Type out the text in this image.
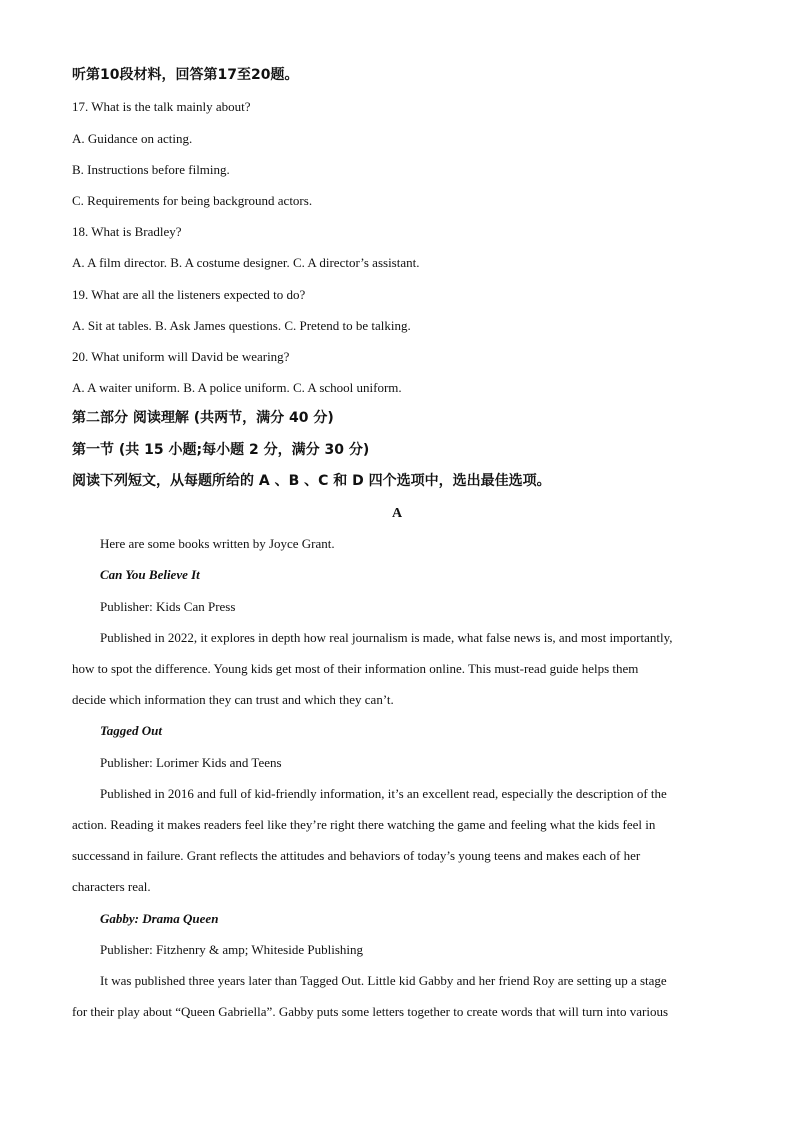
听第10段材料，回答第17至20题。
17. What is the talk mainly about?
A. Guidance on acting.
B. Instructions before filming.
C. Requirements for being background actors.
18. What is Bradley?
A. A film director. B. A costume designer. C. A director’s assistant.
19. What are all the listeners expected to do?
A. Sit at tables. B. Ask James questions. C. Pretend to be talking.
20. What uniform will David be wearing?
A. A waiter uniform. B. A police uniform. C. A school uniform.
第二部分 阅读理解 (共两节，满分 40 分)
第一节 (共 15 小题;每小题 2 分，满分 30 分)
阅读下列短文，从每题所给的 A 、B 、C 和 D 四个选项中，选出最佳选项。
A
Here are some books written by Joyce Grant.
Can You Believe It
Publisher: Kids Can Press
Published in 2022, it explores in depth how real journalism is made, what false news is, and most importantly,
how to spot the difference. Young kids get most of their information online. This must-read guide helps them
decide which information they can trust and which they can’t.
Tagged Out
Publisher: Lorimer Kids and Teens
Published in 2016 and full of kid-friendly information, it’s an excellent read, especially the description of the
action. Reading it makes readers feel like they’re right there watching the game and feeling what the kids feel in
successand in failure. Grant reflects the attitudes and behaviors of today’s young teens and makes each of her
characters real.
Gabby: Drama Queen
Publisher: Fitzhenry & amp; Whiteside Publishing
It was published three years later than Tagged Out. Little kid Gabby and her friend Roy are setting up a stage
for their play about “Queen Gabriella”. Gabby puts some letters together to create words that will turn into various
